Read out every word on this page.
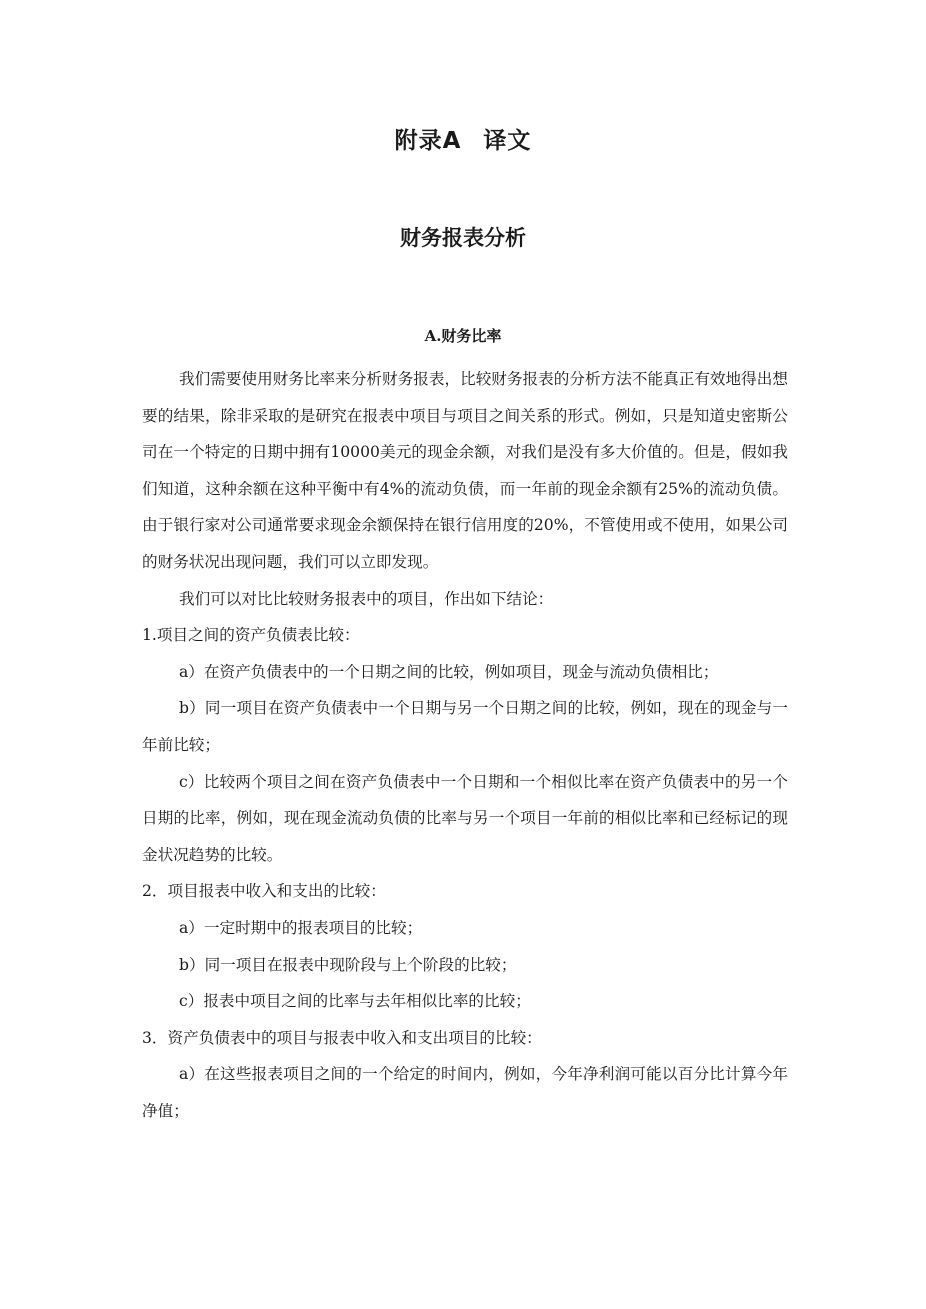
附录A 译文
财务报表分析
A.财务比率

我们需要使用财务比率来分析财务报表，比较财务报表的分析方法不能真正有效地得出想要的结果，除非采取的是研究在报表中项目与项目之间关系的形式。例如，只是知道史密斯公司在一个特定的日期中拥有10000美元的现金余额，对我们是没有多大价值的。但是，假如我们知道，这种余额在这种平衡中有4%的流动负债，而一年前的现金余额有25%的流动负债。由于银行家对公司通常要求现金余额保持在银行信用度的20%，不管使用或不使用，如果公司的财务状况出现问题，我们可以立即发现。

我们可以对比比较财务报表中的项目，作出如下结论：

1.项目之间的资产负债表比较：

a）在资产负债表中的一个日期之间的比较，例如项目，现金与流动负债相比；

b）同一项目在资产负债表中一个日期与另一个日期之间的比较，例如，现在的现金与一年前比较；

c）比较两个项目之间在资产负债表中一个日期和一个相似比率在资产负债表中的另一个日期的比率，例如，现在现金流动负债的比率与另一个项目一年前的相似比率和已经标记的现金状况趋势的比较。

2．项目报表中收入和支出的比较：

a）一定时期中的报表项目的比较；

b）同一项目在报表中现阶段与上个阶段的比较；

c）报表中项目之间的比率与去年相似比率的比较；

3．资产负债表中的项目与报表中收入和支出项目的比较：

a）在这些报表项目之间的一个给定的时间内，例如，今年净利润可能以百分比计算今年净值；
